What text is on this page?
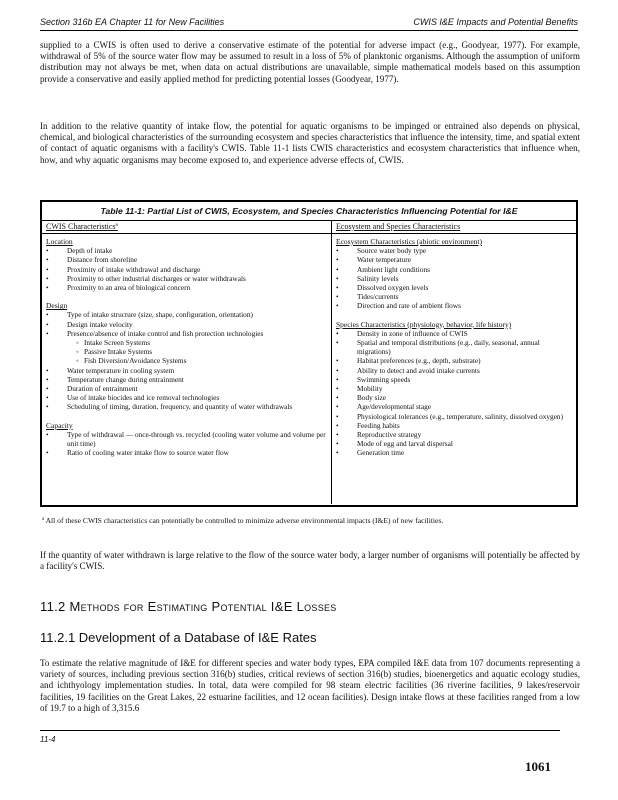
Section 316b EA Chapter 11 for New Facilities	CWIS I&E Impacts and Potential Benefits

supplied to a CWIS is often used to derive a conservative estimate of the potential for adverse impact (e.g., Goodyear, 1977). For example, withdrawal of 5% of the source water flow may be assumed to result in a loss of 5% of planktonic organisms. Although the assumption of uniform distribution may not always be met, when data on actual distributions are unavailable, simple mathematical models based on this assumption provide a conservative and easily applied method for predicting potential losses (Goodyear, 1977).

In addition to the relative quantity of intake flow, the potential for aquatic organisms to be impinged or entrained also depends on physical, chemical, and biological characteristics of the surrounding ecosystem and species characteristics that influence the intensity, time, and spatial extent of contact of aquatic organisms with a facility's CWIS. Table 11-1 lists CWIS characteristics and ecosystem characteristics that influence when, how, and why aquatic organisms may become exposed to, and experience adverse effects of, CWIS.

Table 11-1: Partial List of CWIS, Ecosystem, and Species Characteristics Influencing Potential for I&E
CWIS Characteristicsª	Ecosystem and Species Characteristics

Location

• Depth of intake
• Distance from shoreline
• Proximity of intake withdrawal and discharge
• Proximity to other industrial discharges or water withdrawals
• Proximity to an area of biological concern

Design

• Type of intake structure (size, shape, configuration, orientation)
• Design intake velocity
• Presence/absence of intake control and fish protection technologies
◦ Intake Screen Systems
◦ Passive Intake Systems
◦ Fish Diversion/Avoidance Systems
• Water temperature in cooling system
• Temperature change during entrainment
• Duration of entrainment
• Use of intake biocides and ice removal technologies
• Scheduling of timing, duration, frequency, and quantity of water withdrawals

Capacity

• Type of withdrawal — once-through vs. recycled (cooling water volume and volume per unit time)
• Ratio of cooling water intake flow to source water flow

Ecosystem Characteristics (abiotic environment)

• Source water body type
• Water temperature
• Ambient light conditions
• Salinity levels
• Dissolved oxygen levels
• Tides/currents
• Direction and rate of ambient flows

Species Characteristics (physiology, behavior, life history)

• Density in zone of influence of CWIS
• Spatial and temporal distributions (e.g., daily, seasonal, annual migrations)
• Habitat preferences (e.g., depth, substrate)
• Ability to detect and avoid intake currents
• Swimming speeds
• Mobility
• Body size
• Age/developmental stage
• Physiological tolerances (e.g., temperature, salinity, dissolved oxygen)
• Feeding habits
• Reproductive strategy
• Mode of egg and larval dispersal
• Generation time

ª All of these CWIS characteristics can potentially be controlled to minimize adverse environmental impacts (I&E) of new facilities.

If the quantity of water withdrawn is large relative to the flow of the source water body, a larger number of organisms will potentially be affected by a facility's CWIS.

11.2 Methods for Estimating Potential I&E Losses
11.2.1 Development of a Database of I&E Rates

To estimate the relative magnitude of I&E for different species and water body types, EPA compiled I&E data from 107 documents representing a variety of sources, including previous section 316(b) studies, critical reviews of section 316(b) studies, bioenergetics and aquatic ecology studies, and ichthyology implementation studies. In total, data were compiled for 98 steam electric facilities (36 riverine facilities, 9 lakes/reservoir facilities, 19 facilities on the Great Lakes, 22 estuarine facilities, and 12 ocean facilities). Design intake flows at these facilities ranged from a low of 19.7 to a high of 3,315.6

11-4
1061
